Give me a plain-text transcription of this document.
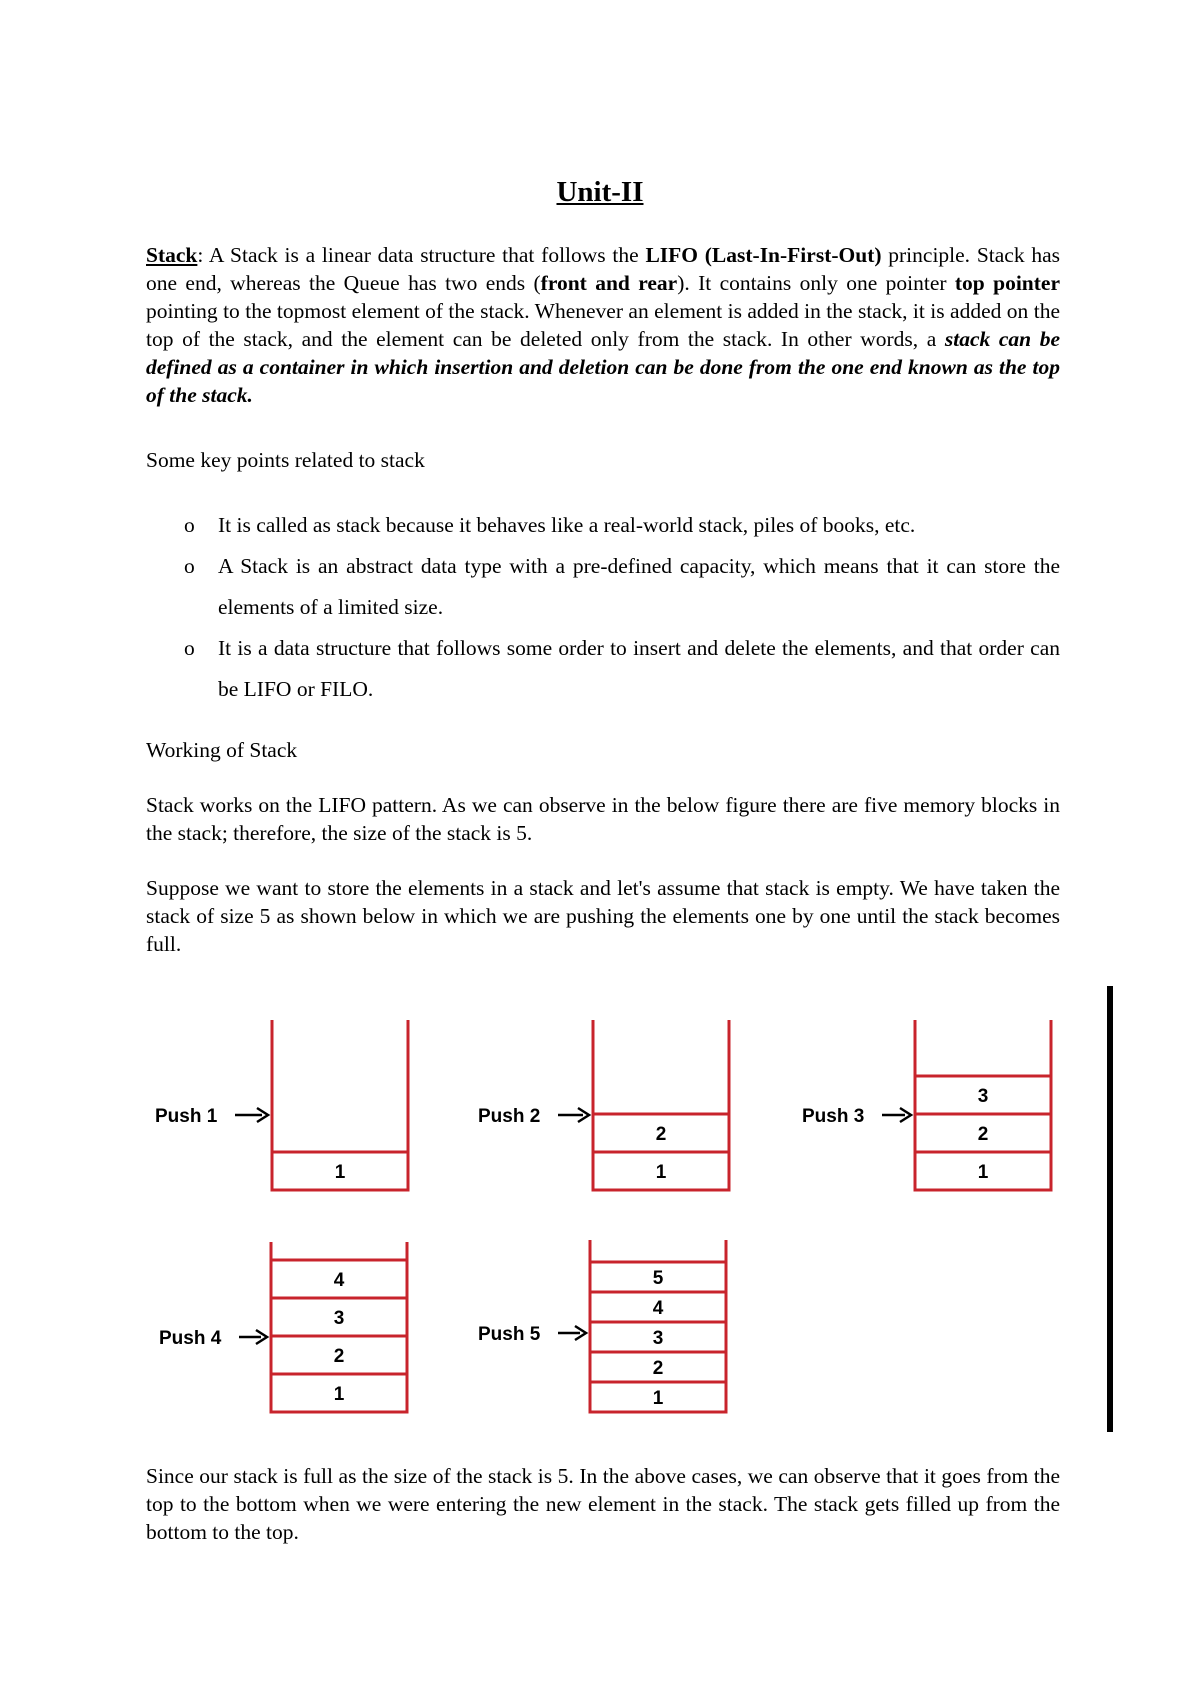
Unit-II
Stack: A Stack is a linear data structure that follows the LIFO (Last-In-First-Out) principle. Stack has one end, whereas the Queue has two ends (front and rear). It contains only one pointer top pointer pointing to the topmost element of the stack. Whenever an element is added in the stack, it is added on the top of the stack, and the element can be deleted only from the stack. In other words, a stack can be defined as a container in which insertion and deletion can be done from the one end known as the top of the stack.
Some key points related to stack
o It is called as stack because it behaves like a real-world stack, piles of books, etc.
o A Stack is an abstract data type with a pre-defined capacity, which means that it can store the elements of a limited size.
o It is a data structure that follows some order to insert and delete the elements, and that order can be LIFO or FILO.
Working of Stack
Stack works on the LIFO pattern. As we can observe in the below figure there are five memory blocks in the stack; therefore, the size of the stack is 5.
Suppose we want to store the elements in a stack and let's assume that stack is empty. We have taken the stack of size 5 as shown below in which we are pushing the elements one by one until the stack becomes full.
1
Push 1
1
2
Push 2
1
2
3
Push 3
1
2
3
4
Push 4
1
2
3
4
5
Push 5
Since our stack is full as the size of the stack is 5. In the above cases, we can observe that it goes from the top to the bottom when we were entering the new element in the stack. The stack gets filled up from the bottom to the top.
